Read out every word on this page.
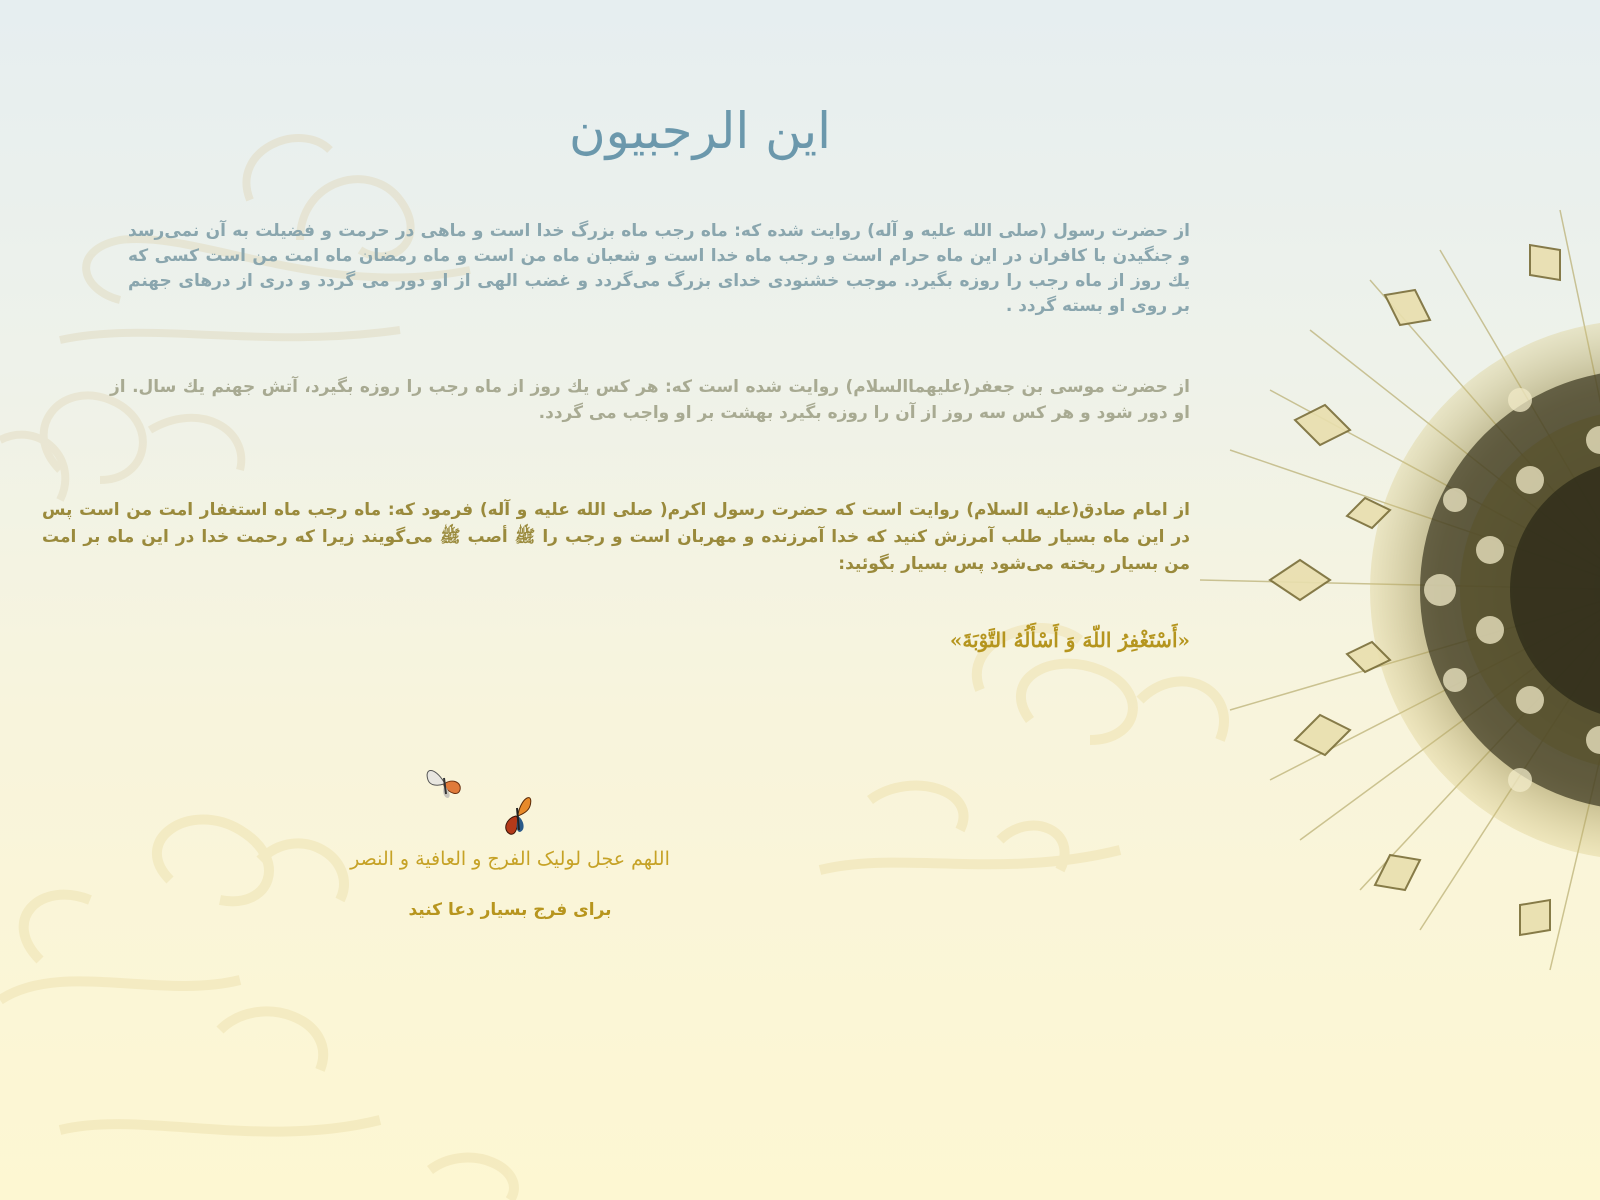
اين الرجبيون

از حضرت رسول (صلی الله علیه و آله) روایت شده که: ماه رجب ماه بزرگ خدا است و ماهی در حرمت و فضیلت به آن نمی‌رسد و جنگیدن با کافران در این ماه حرام است و رجب ماه خدا است و شعبان ماه من است و ماه رمضان ماه امت من است کسی که یك روز از ماه رجب را روزه بگیرد. موجب خشنودی خدای بزرگ می‌گردد و غضب الهی از او دور می گردد و دری از درهای جهنم بر روی او بسته گردد .

از حضرت موسی بن جعفر(علیهماالسلام) روایت شده است که: هر کس یك روز از ماه رجب را روزه بگیرد، آتش جهنم یك سال. از او دور شود و هر کس سه روز از آن را روزه بگیرد بهشت بر او واجب می گردد.

از امام صادق(علیه السلام) روایت است که حضرت رسول اکرم( صلی الله علیه و آله) فرمود که: ماه رجب ماه استغفار امت من است پس در این ماه بسیار طلب آمرزش کنید که خدا آمرزنده و مهربان است و رجب را ﷺ أصب ﷺ می‌گویند زیرا که رحمت خدا در این ماه بر امت من بسیار ریخته می‌شود پس بسیار بگوئید:

«أَسْتَغْفِرُ اللّهَ وَ أَسْأَلُهُ التَّوْبَةَ»

اللهم عجل لولیک الفرج و العافیة و النصر

برای فرج بسیار دعا کنید
